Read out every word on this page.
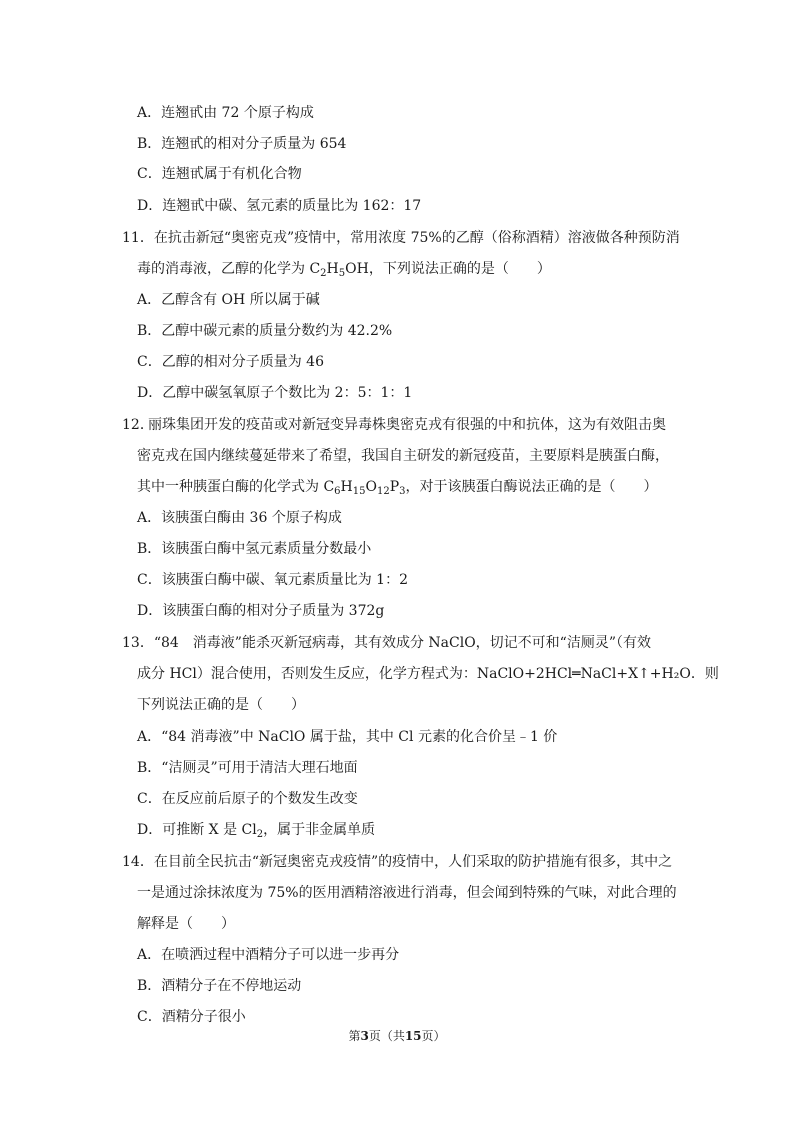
A．连翘甙由 72 个原子构成
B．连翘甙的相对分子质量为 654
C．连翘甙属于有机化合物
D．连翘甙中碳、氢元素的质量比为 162：17
11．在抗击新冠“奥密克戎”疫情中，常用浓度 75%的乙醇（俗称酒精）溶液做各种预防消
毒的消毒液，乙醇的化学为 $C_2H_5OH$，下列说法正确的是（　　）
A．乙醇含有 OH 所以属于碱
B．乙醇中碳元素的质量分数约为 42.2%
C．乙醇的相对分子质量为 46
D．乙醇中碳氢氧原子个数比为 2：5：1：1
12．丽珠集团开发的疫苗或对新冠变异毒株奥密克戎有很强的中和抗体，这为有效阻击奥
密克戎在国内继续蔓延带来了希望，我国自主研发的新冠疫苗，主要原料是胰蛋白酶，
其中一种胰蛋白酶的化学式为 $C_6H_{15}O_{12}P_3$，对于该胰蛋白酶说法正确的是（　　）
A．该胰蛋白酶由 36 个原子构成
B．该胰蛋白酶中氢元素质量分数最小
C．该胰蛋白酶中碳、氧元素质量比为 1：2
D．该胰蛋白酶的相对分子质量为 372g
13．“84　消毒液”能杀灭新冠病毒，其有效成分 NaClO，切记不可和“洁厕灵”（有效
成分 HCl）混合使用，否则发生反应，化学方程式为：NaClO+2HCl═NaCl+X↑+H₂O．则
下列说法正确的是（　　）
A．“84 消毒液”中 NaClO 属于盐，其中 Cl 元素的化合价呈﹣1 价
B．“洁厕灵”可用于清洁大理石地面
C．在反应前后原子的个数发生改变
D．可推断 X 是 $Cl_2$，属于非金属单质
14．在目前全民抗击“新冠奥密克戎疫情”的疫情中，人们采取的防护措施有很多，其中之
一是通过涂抹浓度为 75%的医用酒精溶液进行消毒，但会闻到特殊的气味，对此合理的
解释是（　　）
A．在喷洒过程中酒精分子可以进一步再分
B．酒精分子在不停地运动
C．酒精分子很小
第3页（共15页）
